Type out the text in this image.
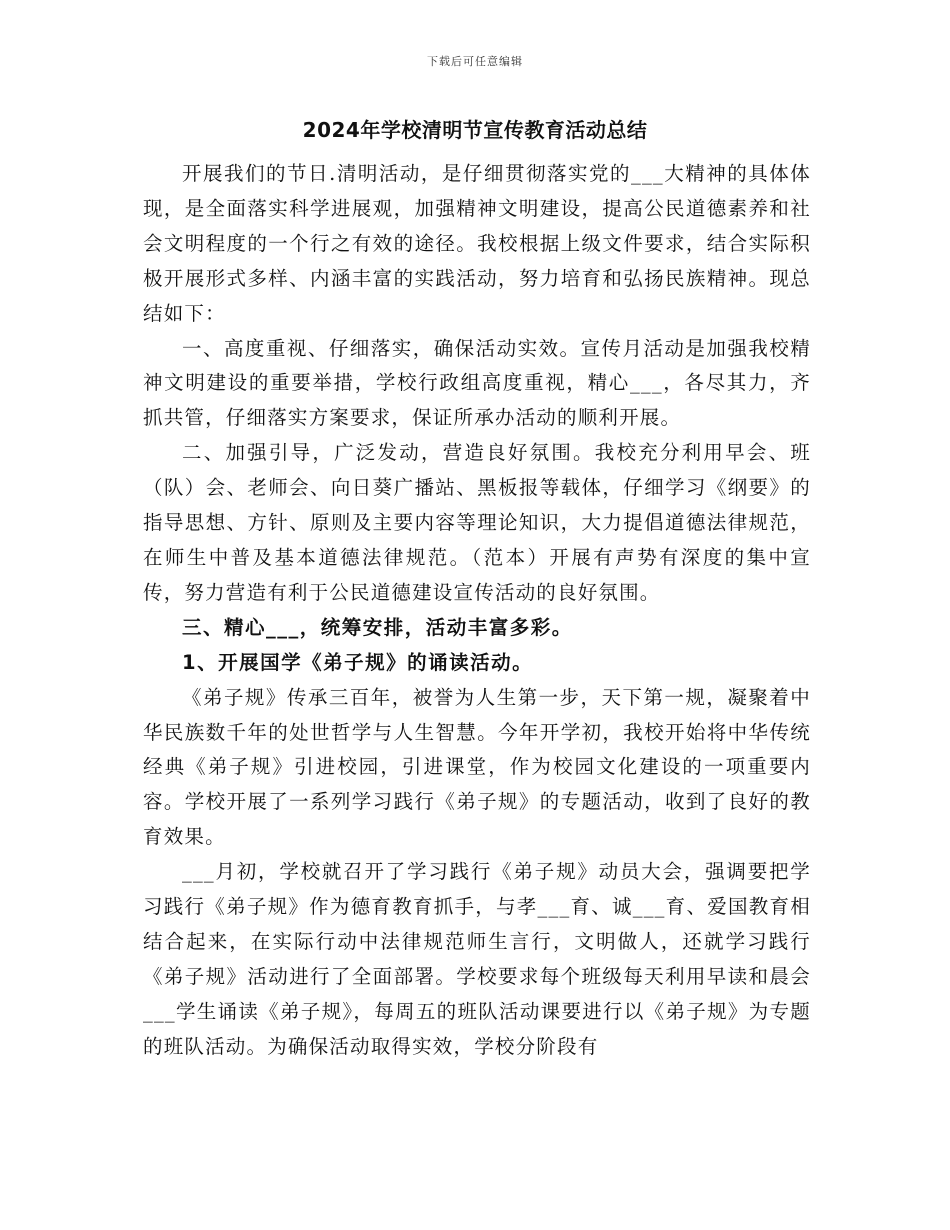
下载后可任意编辑
2024年学校清明节宣传教育活动总结

开展我们的节日.清明活动，是仔细贯彻落实党的___大精神的具体体现，是全面落实科学进展观，加强精神文明建设，提高公民道德素养和社会文明程度的一个行之有效的途径。我校根据上级文件要求，结合实际积极开展形式多样、内涵丰富的实践活动，努力培育和弘扬民族精神。现总结如下：

一、高度重视、仔细落实，确保活动实效。宣传月活动是加强我校精神文明建设的重要举措，学校行政组高度重视，精心___，各尽其力，齐抓共管，仔细落实方案要求，保证所承办活动的顺利开展。

二、加强引导，广泛发动，营造良好氛围。我校充分利用早会、班（队）会、老师会、向日葵广播站、黑板报等载体，仔细学习《纲要》的指导思想、方针、原则及主要内容等理论知识，大力提倡道德法律规范，在师生中普及基本道德法律规范。（范本）开展有声势有深度的集中宣传，努力营造有利于公民道德建设宣传活动的良好氛围。

三、精心___，统筹安排，活动丰富多彩。

1、开展国学《弟子规》的诵读活动。

《弟子规》传承三百年，被誉为人生第一步，天下第一规，凝聚着中华民族数千年的处世哲学与人生智慧。今年开学初，我校开始将中华传统经典《弟子规》引进校园，引进课堂，作为校园文化建设的一项重要内容。学校开展了一系列学习践行《弟子规》的专题活动，收到了良好的教育效果。

___月初，学校就召开了学习践行《弟子规》动员大会，强调要把学习践行《弟子规》作为德育教育抓手，与孝___育、诚___育、爱国教育相结合起来，在实际行动中法律规范师生言行，文明做人，还就学习践行《弟子规》活动进行了全面部署。学校要求每个班级每天利用早读和晨会___学生诵读《弟子规》，每周五的班队活动课要进行以《弟子规》为专题的班队活动。为确保活动取得实效，学校分阶段有
